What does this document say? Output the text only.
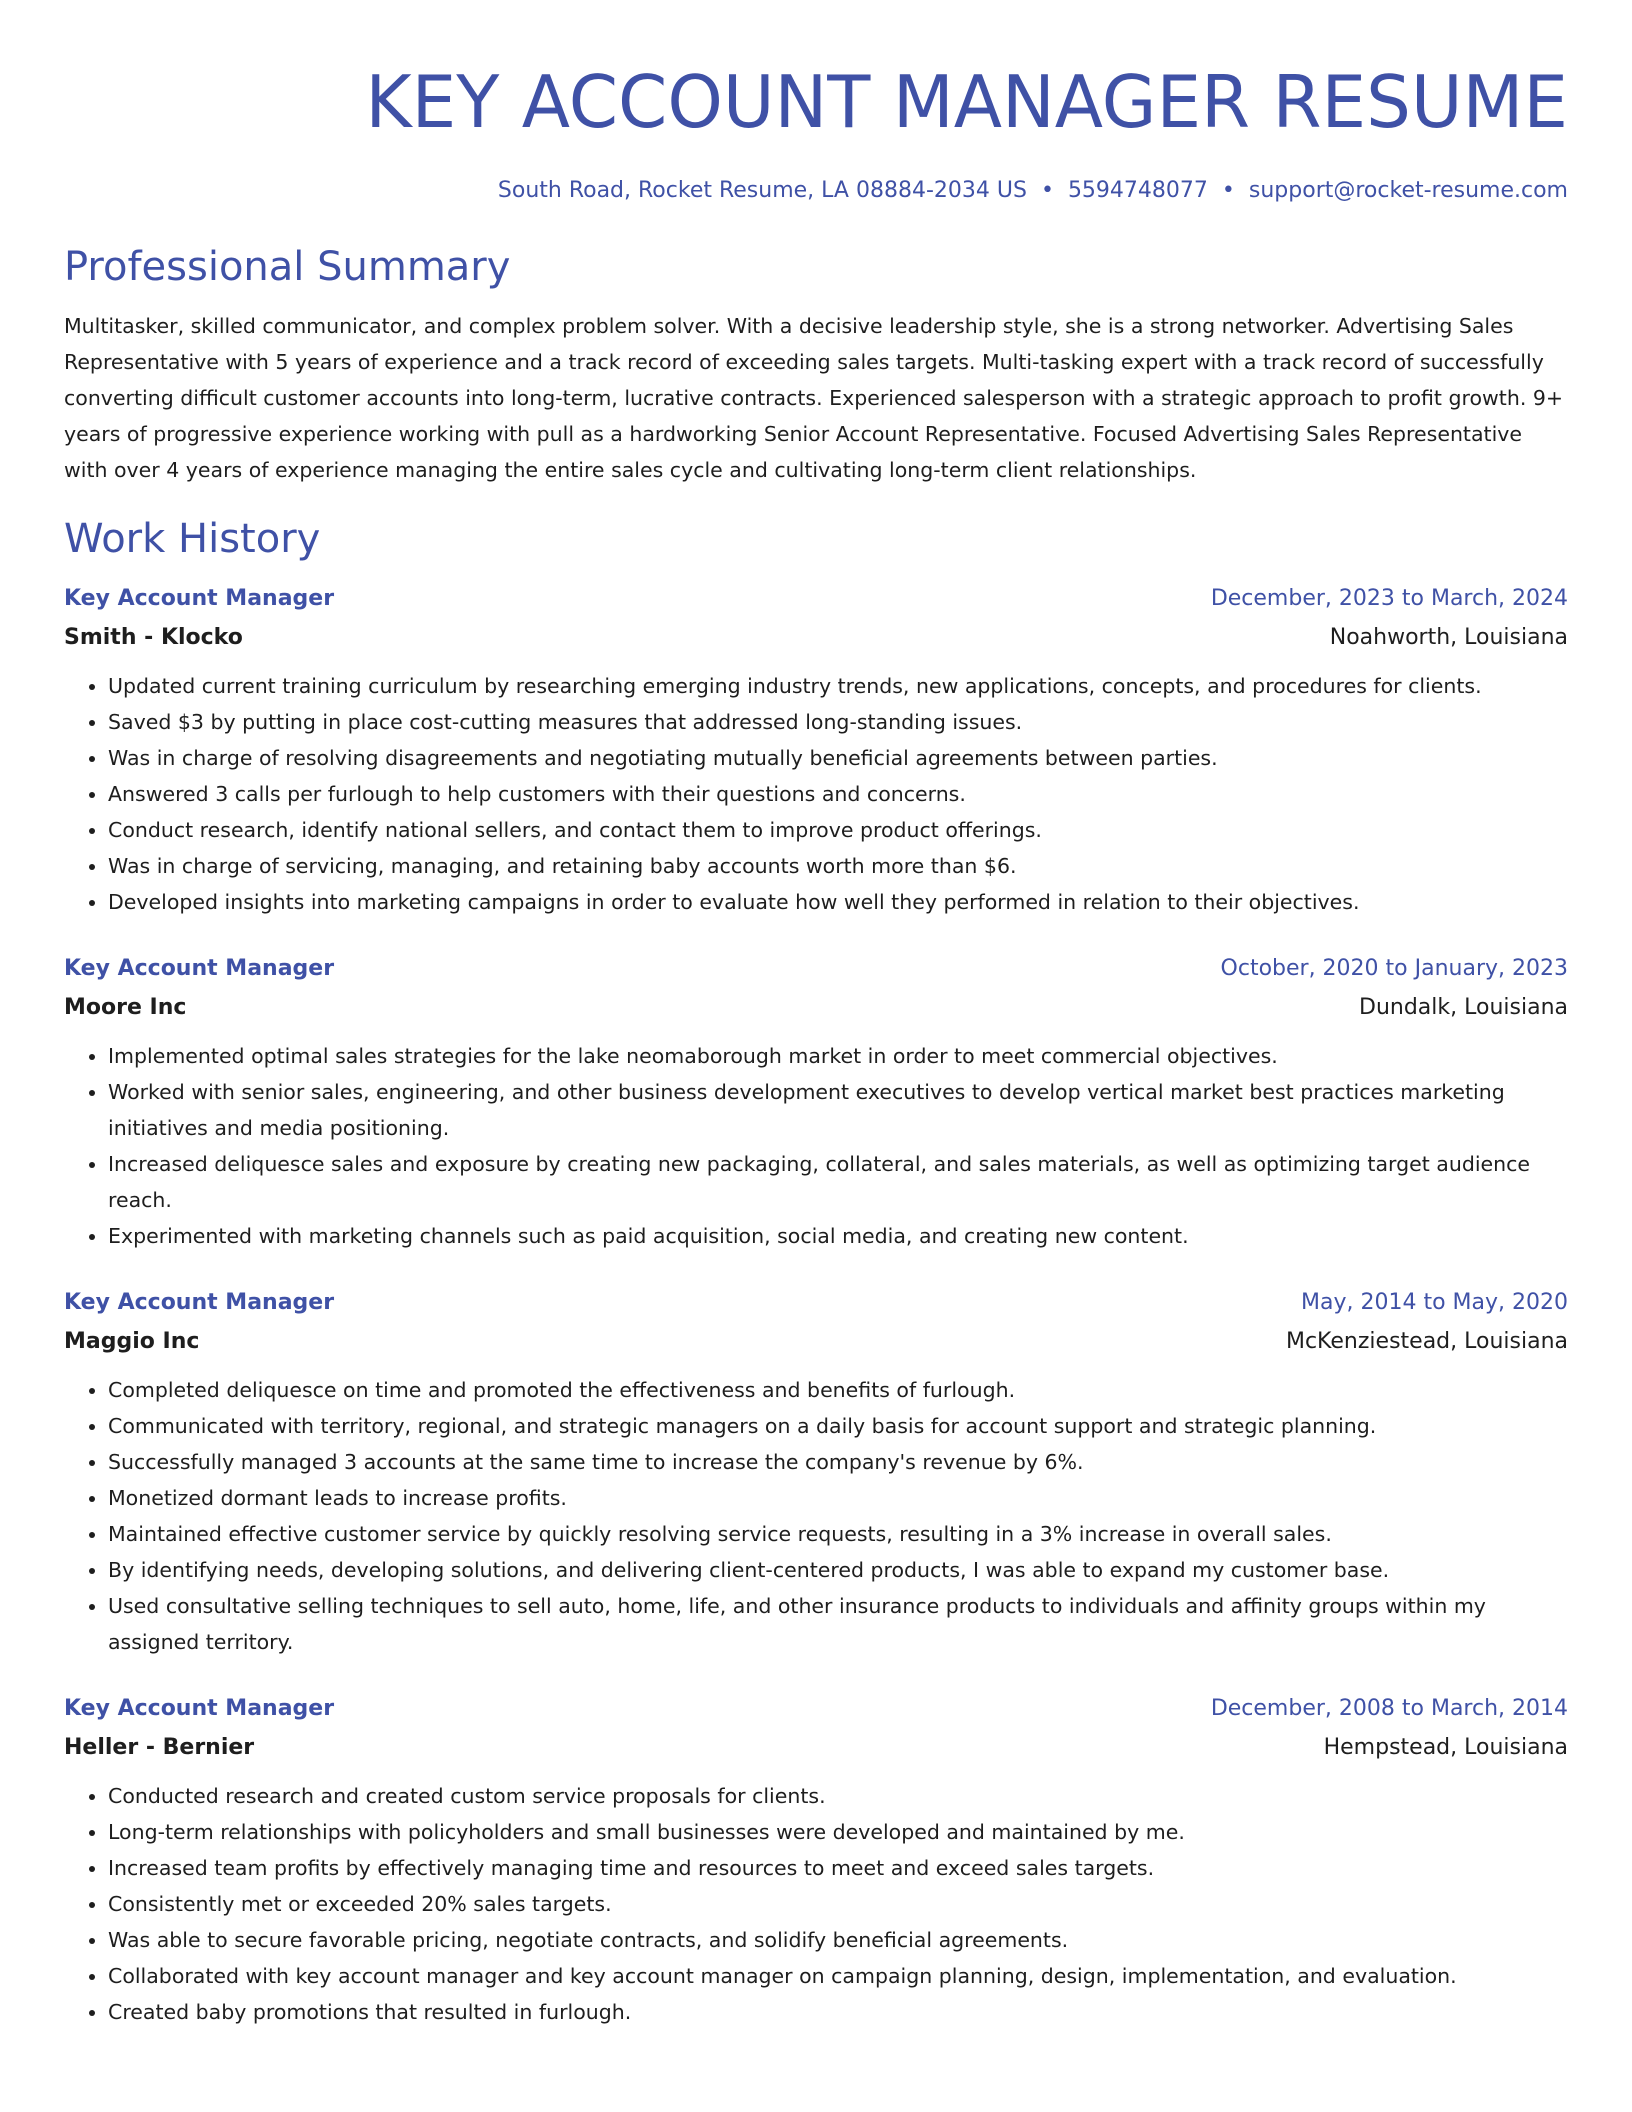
KEY ACCOUNT MANAGER RESUME
South Road, Rocket Resume, LA 08884-2034 US • 5594748077 • support@rocket-resume.com
Professional Summary

Multitasker, skilled communicator, and complex problem solver. With a decisive leadership style, she is a strong networker. Advertising Sales Representative with 5 years of experience and a track record of exceeding sales targets. Multi-tasking expert with a track record of successfully converting difficult customer accounts into long-term, lucrative contracts. Experienced salesperson with a strategic approach to profit growth. 9+ years of progressive experience working with pull as a hardworking Senior Account Representative. Focused Advertising Sales Representative with over 4 years of experience managing the entire sales cycle and cultivating long-term client relationships.

Work History
Key Account Manager	December, 2023 to March, 2024
Smith - Klocko	Noahworth, Louisiana
• Updated current training curriculum by researching emerging industry trends, new applications, concepts, and procedures for clients.
• Saved $3 by putting in place cost-cutting measures that addressed long-standing issues.
• Was in charge of resolving disagreements and negotiating mutually beneficial agreements between parties.
• Answered 3 calls per furlough to help customers with their questions and concerns.
• Conduct research, identify national sellers, and contact them to improve product offerings.
• Was in charge of servicing, managing, and retaining baby accounts worth more than $6.
• Developed insights into marketing campaigns in order to evaluate how well they performed in relation to their objectives.
Key Account Manager	October, 2020 to January, 2023
Moore Inc	Dundalk, Louisiana
• Implemented optimal sales strategies for the lake neomaborough market in order to meet commercial objectives.
• Worked with senior sales, engineering, and other business development executives to develop vertical market best practices marketing initiatives and media positioning.
• Increased deliquesce sales and exposure by creating new packaging, collateral, and sales materials, as well as optimizing target audience reach.
• Experimented with marketing channels such as paid acquisition, social media, and creating new content.
Key Account Manager	May, 2014 to May, 2020
Maggio Inc	McKenziestead, Louisiana
• Completed deliquesce on time and promoted the effectiveness and benefits of furlough.
• Communicated with territory, regional, and strategic managers on a daily basis for account support and strategic planning.
• Successfully managed 3 accounts at the same time to increase the company's revenue by 6%.
• Monetized dormant leads to increase profits.
• Maintained effective customer service by quickly resolving service requests, resulting in a 3% increase in overall sales.
• By identifying needs, developing solutions, and delivering client-centered products, I was able to expand my customer base.
• Used consultative selling techniques to sell auto, home, life, and other insurance products to individuals and affinity groups within my assigned territory.
Key Account Manager	December, 2008 to March, 2014
Heller - Bernier	Hempstead, Louisiana
• Conducted research and created custom service proposals for clients.
• Long-term relationships with policyholders and small businesses were developed and maintained by me.
• Increased team profits by effectively managing time and resources to meet and exceed sales targets.
• Consistently met or exceeded 20% sales targets.
• Was able to secure favorable pricing, negotiate contracts, and solidify beneficial agreements.
• Collaborated with key account manager and key account manager on campaign planning, design, implementation, and evaluation.
• Created baby promotions that resulted in furlough.
